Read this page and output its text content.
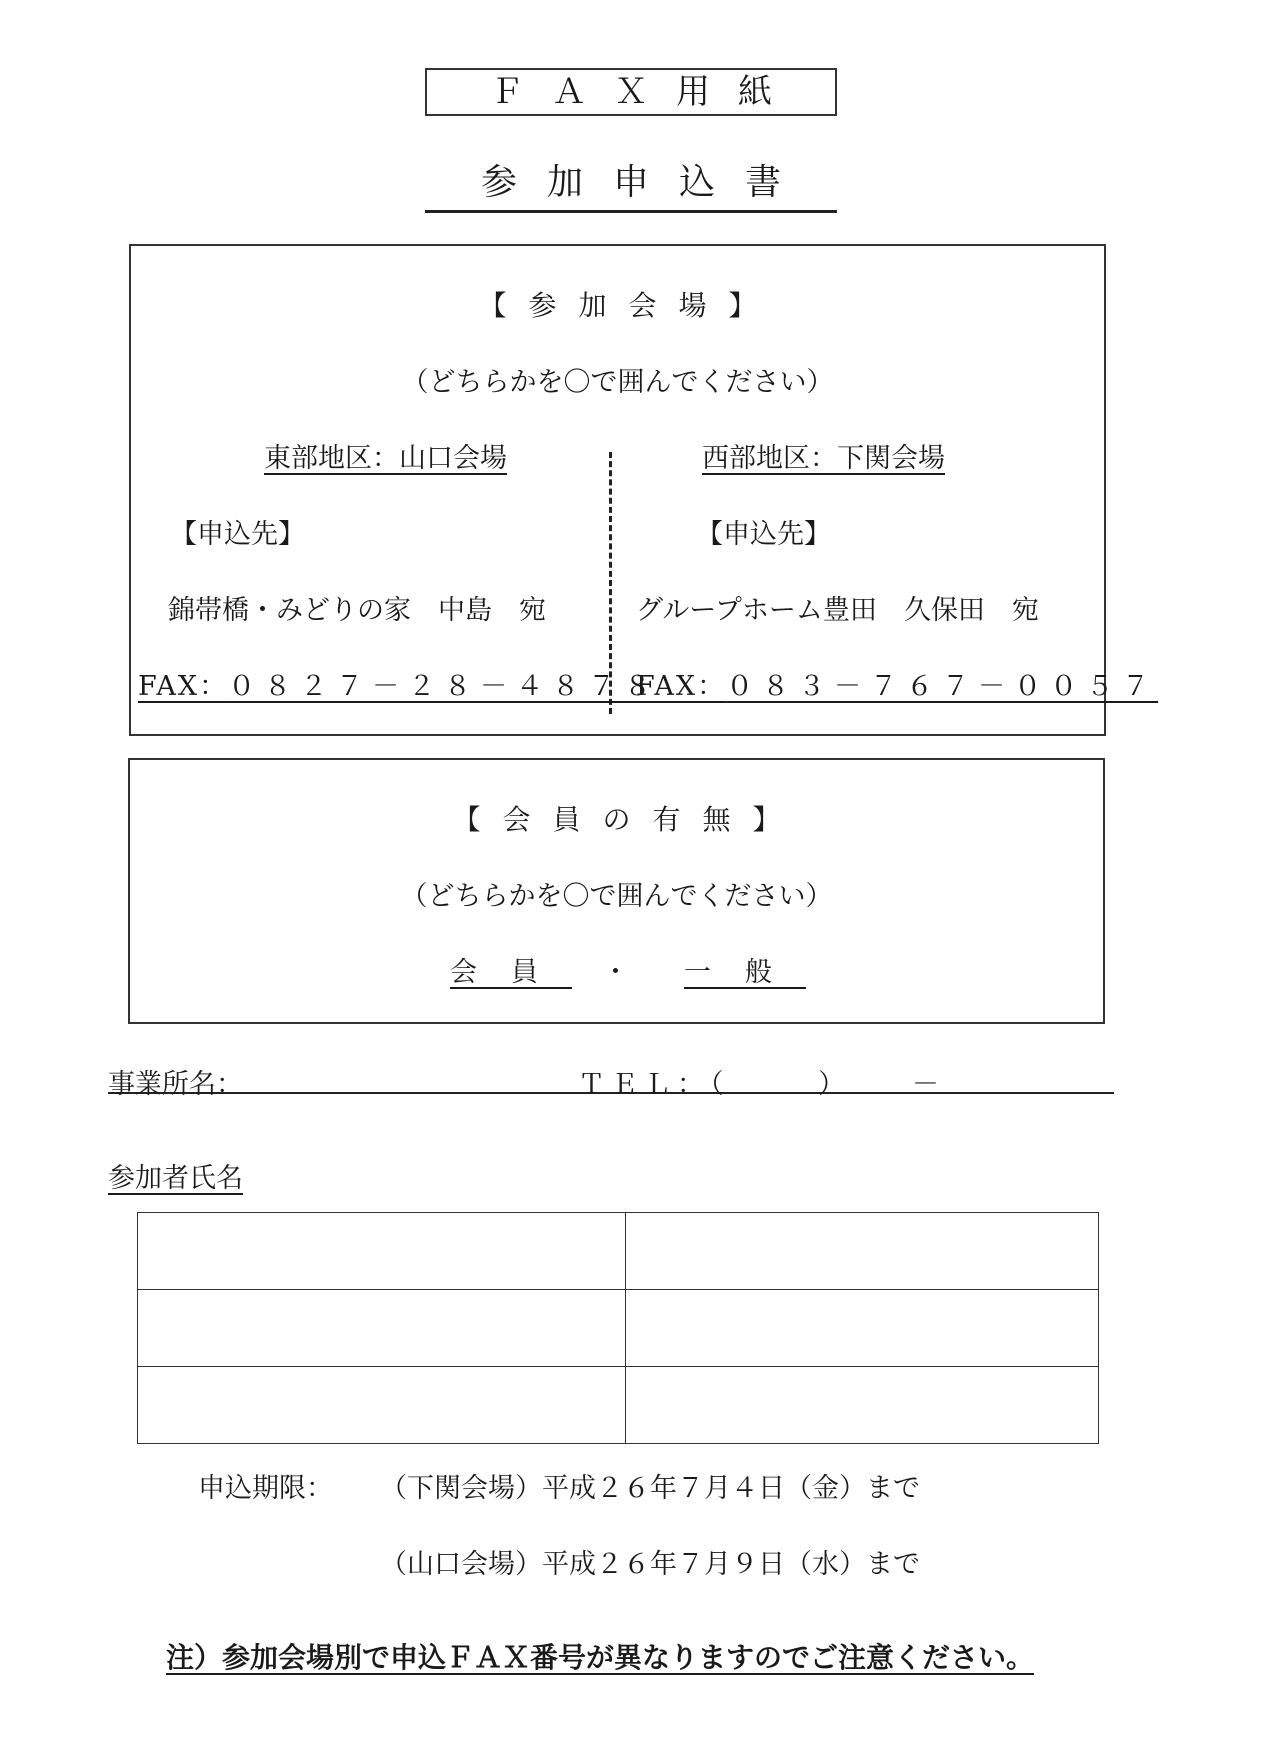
ＦＡＸ用紙
参加申込書
【参加会場】
（どちらかを〇で囲んでください）
東部地区：山口会場	西部地区：下関会場
【申込先】	【申込先】
錦帯橋・みどりの家　中島　宛	グループホーム豊田　久保田　宛
FAX：０８２７－２８－４８７８
FAX：０８３－７６７－００５７
【会員の有無】
（どちらかを〇で囲んでください）
会員 ・ 一般
事業所名：	ＴＥＬ：（	） －
参加者氏名

申込期限： （下関会場）平成２６年７月４日（金）まで
（山口会場）平成２６年７月９日（水）まで
注）参加会場別で申込ＦＡＸ番号が異なりますのでご注意ください。
